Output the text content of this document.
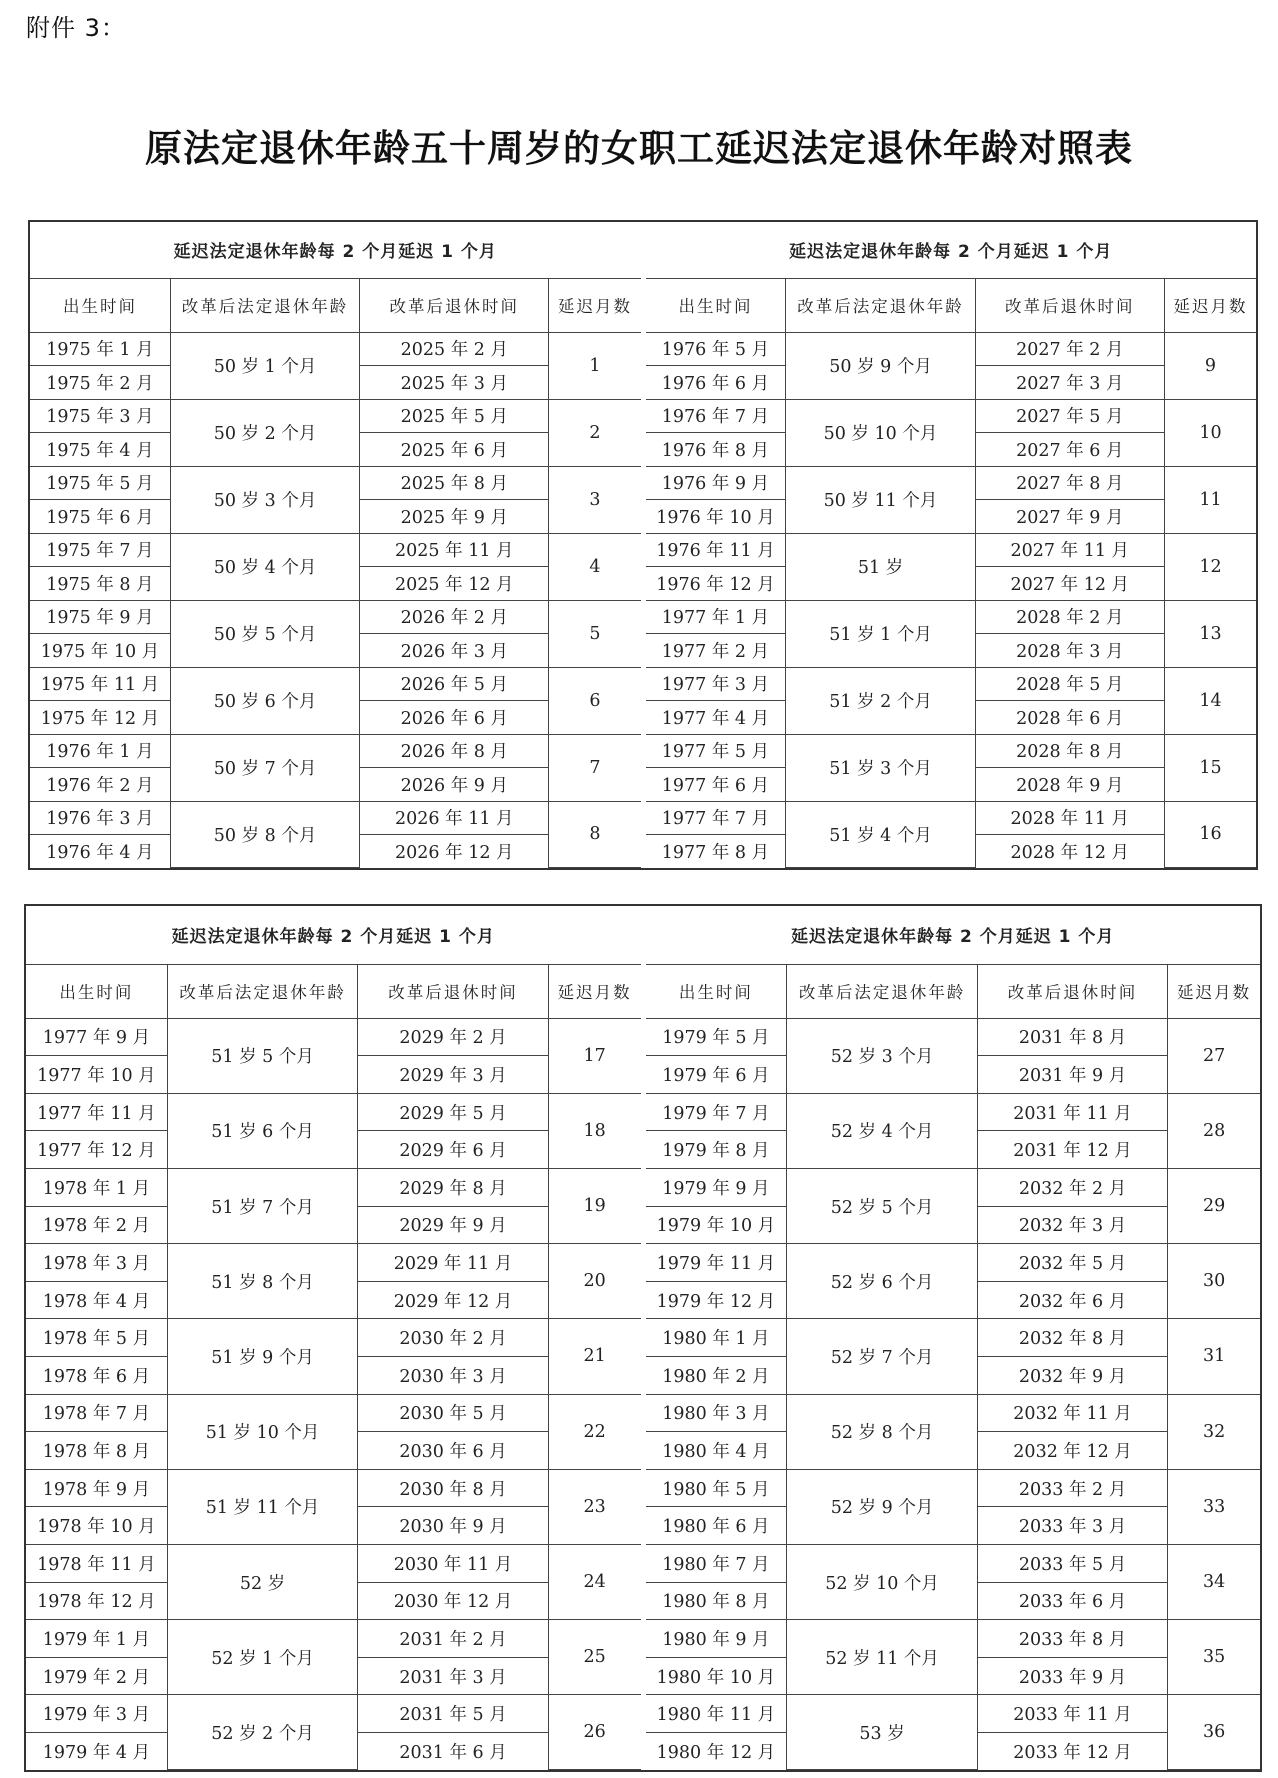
附件 3：
原法定退休年龄五十周岁的女职工延迟法定退休年龄对照表
延迟法定退休年龄每 2 个月延迟 1 个月			
出生时间	改革后法定退休年龄	改革后退休时间	延迟月数
1975 年 1 月	50 岁 1 个月	2025 年 2 月	1
1975 年 2 月		2025 年 3 月	
1975 年 3 月	50 岁 2 个月	2025 年 5 月	2
1975 年 4 月		2025 年 6 月	
1975 年 5 月	50 岁 3 个月	2025 年 8 月	3
1975 年 6 月		2025 年 9 月	
1975 年 7 月	50 岁 4 个月	2025 年 11 月	4
1975 年 8 月		2025 年 12 月	
1975 年 9 月	50 岁 5 个月	2026 年 2 月	5
1975 年 10 月		2026 年 3 月	
1975 年 11 月	50 岁 6 个月	2026 年 5 月	6
1975 年 12 月		2026 年 6 月	
1976 年 1 月	50 岁 7 个月	2026 年 8 月	7
1976 年 2 月		2026 年 9 月	
1976 年 3 月	50 岁 8 个月	2026 年 11 月	8
1976 年 4 月		2026 年 12 月	
延迟法定退休年龄每 2 个月延迟 1 个月			
出生时间	改革后法定退休年龄	改革后退休时间	延迟月数
1976 年 5 月	50 岁 9 个月	2027 年 2 月	9
1976 年 6 月		2027 年 3 月	
1976 年 7 月	50 岁 10 个月	2027 年 5 月	10
1976 年 8 月		2027 年 6 月	
1976 年 9 月	50 岁 11 个月	2027 年 8 月	11
1976 年 10 月		2027 年 9 月	
1976 年 11 月	51 岁	2027 年 11 月	12
1976 年 12 月		2027 年 12 月	
1977 年 1 月	51 岁 1 个月	2028 年 2 月	13
1977 年 2 月		2028 年 3 月	
1977 年 3 月	51 岁 2 个月	2028 年 5 月	14
1977 年 4 月		2028 年 6 月	
1977 年 5 月	51 岁 3 个月	2028 年 8 月	15
1977 年 6 月		2028 年 9 月	
1977 年 7 月	51 岁 4 个月	2028 年 11 月	16
1977 年 8 月		2028 年 12 月	
延迟法定退休年龄每 2 个月延迟 1 个月			
出生时间	改革后法定退休年龄	改革后退休时间	延迟月数
1977 年 9 月	51 岁 5 个月	2029 年 2 月	17
1977 年 10 月		2029 年 3 月	
1977 年 11 月	51 岁 6 个月	2029 年 5 月	18
1977 年 12 月		2029 年 6 月	
1978 年 1 月	51 岁 7 个月	2029 年 8 月	19
1978 年 2 月		2029 年 9 月	
1978 年 3 月	51 岁 8 个月	2029 年 11 月	20
1978 年 4 月		2029 年 12 月	
1978 年 5 月	51 岁 9 个月	2030 年 2 月	21
1978 年 6 月		2030 年 3 月	
1978 年 7 月	51 岁 10 个月	2030 年 5 月	22
1978 年 8 月		2030 年 6 月	
1978 年 9 月	51 岁 11 个月	2030 年 8 月	23
1978 年 10 月		2030 年 9 月	
1978 年 11 月	52 岁	2030 年 11 月	24
1978 年 12 月		2030 年 12 月	
1979 年 1 月	52 岁 1 个月	2031 年 2 月	25
1979 年 2 月		2031 年 3 月	
1979 年 3 月	52 岁 2 个月	2031 年 5 月	26
1979 年 4 月		2031 年 6 月	
延迟法定退休年龄每 2 个月延迟 1 个月			
出生时间	改革后法定退休年龄	改革后退休时间	延迟月数
1979 年 5 月	52 岁 3 个月	2031 年 8 月	27
1979 年 6 月		2031 年 9 月	
1979 年 7 月	52 岁 4 个月	2031 年 11 月	28
1979 年 8 月		2031 年 12 月	
1979 年 9 月	52 岁 5 个月	2032 年 2 月	29
1979 年 10 月		2032 年 3 月	
1979 年 11 月	52 岁 6 个月	2032 年 5 月	30
1979 年 12 月		2032 年 6 月	
1980 年 1 月	52 岁 7 个月	2032 年 8 月	31
1980 年 2 月		2032 年 9 月	
1980 年 3 月	52 岁 8 个月	2032 年 11 月	32
1980 年 4 月		2032 年 12 月	
1980 年 5 月	52 岁 9 个月	2033 年 2 月	33
1980 年 6 月		2033 年 3 月	
1980 年 7 月	52 岁 10 个月	2033 年 5 月	34
1980 年 8 月		2033 年 6 月	
1980 年 9 月	52 岁 11 个月	2033 年 8 月	35
1980 年 10 月		2033 年 9 月	
1980 年 11 月	53 岁	2033 年 11 月	36
1980 年 12 月		2033 年 12 月	
